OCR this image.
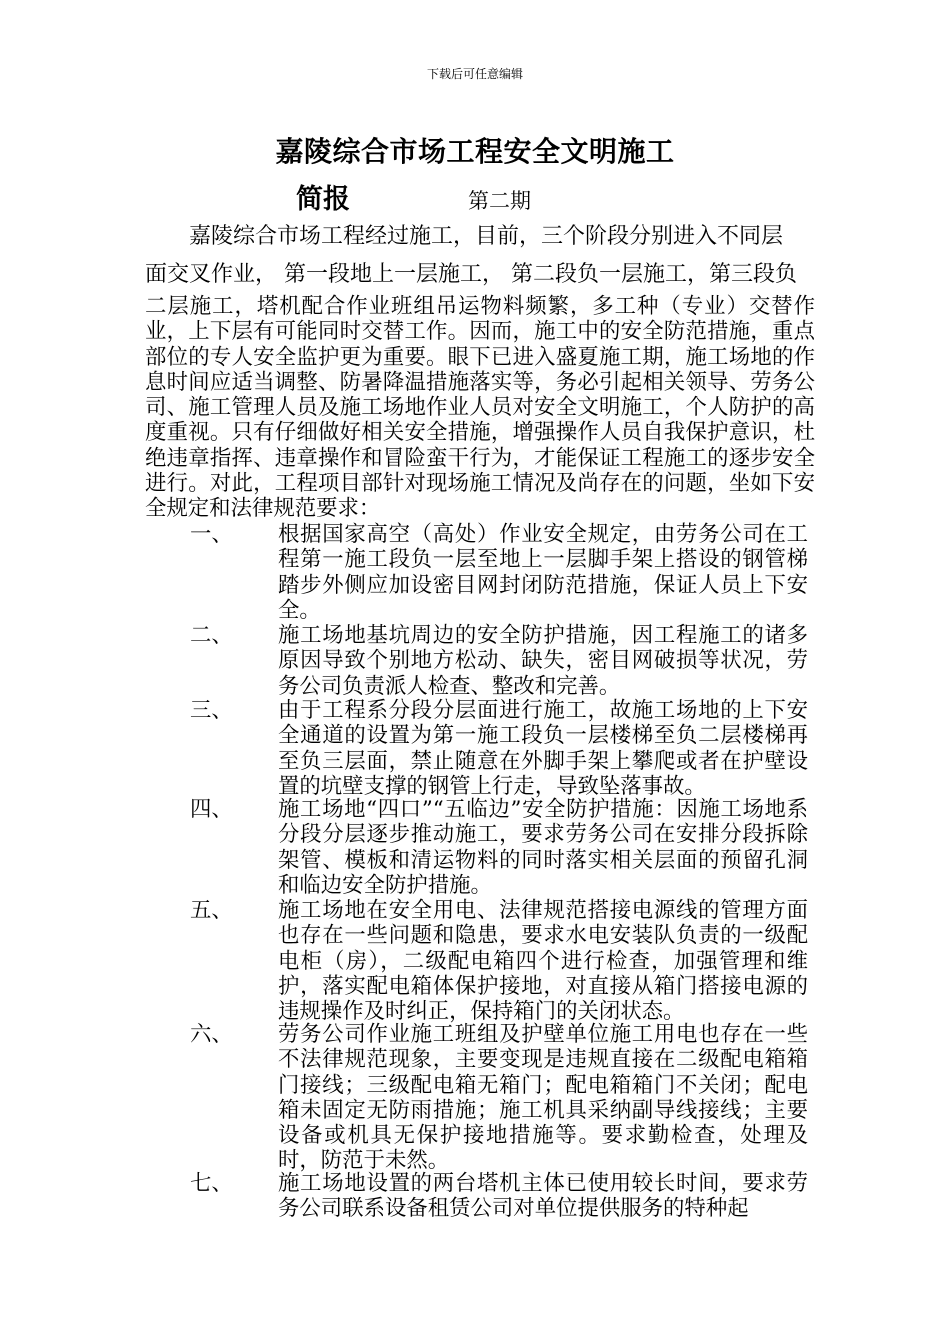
下载后可任意编辑
嘉陵综合市场工程安全文明施工
简报	第二期
嘉陵综合市场工程经过施工，目前，三个阶段分别进入不同层
面交叉作业， 第一段地上一层施工， 第二段负一层施工，第三段负
二层施工，塔机配合作业班组吊运物料频繁，多工种（专业）交替作业，上下层有可能同时交替工作。因而，施工中的安全防范措施，重点部位的专人安全监护更为重要。眼下已进入盛夏施工期，施工场地的作息时间应适当调整、防暑降温措施落实等，务必引起相关领导、劳务公司、施工管理人员及施工场地作业人员对安全文明施工，个人防护的高度重视。只有仔细做好相关安全措施，增强操作人员自我保护意识，杜绝违章指挥、违章操作和冒险蛮干行为，才能保证工程施工的逐步安全进行。对此，工程项目部针对现场施工情况及尚存在的问题，坐如下安全规定和法律规范要求：
一、	根据国家高空（高处）作业安全规定，由劳务公司在工程第一施工段负一层至地上一层脚手架上搭设的钢管梯踏步外侧应加设密目网封闭防范措施，保证人员上下安全。
二、	施工场地基坑周边的安全防护措施，因工程施工的诸多原因导致个别地方松动、缺失，密目网破损等状况，劳务公司负责派人检查、整改和完善。
三、	由于工程系分段分层面进行施工，故施工场地的上下安全通道的设置为第一施工段负一层楼梯至负二层楼梯再至负三层面，禁止随意在外脚手架上攀爬或者在护壁设置的坑壁支撑的钢管上行走，导致坠落事故。
四、	施工场地“四口”“五临边”安全防护措施：因施工场地系分段分层逐步推动施工，要求劳务公司在安排分段拆除架管、模板和清运物料的同时落实相关层面的预留孔洞和临边安全防护措施。
五、	施工场地在安全用电、法律规范搭接电源线的管理方面也存在一些问题和隐患，要求水电安装队负责的一级配电柜（房），二级配电箱四个进行检查，加强管理和维护，落实配电箱体保护接地，对直接从箱门搭接电源的违规操作及时纠正，保持箱门的关闭状态。
六、	劳务公司作业施工班组及护壁单位施工用电也存在一些不法律规范现象，主要变现是违规直接在二级配电箱箱门接线；三级配电箱无箱门；配电箱箱门不关闭；配电箱未固定无防雨措施；施工机具采纳副导线接线；主要设备或机具无保护接地措施等。要求勤检查，处理及时，防范于未然。
七、	施工场地设置的两台塔机主体已使用较长时间，要求劳务公司联系设备租赁公司对单位提供服务的特种起
